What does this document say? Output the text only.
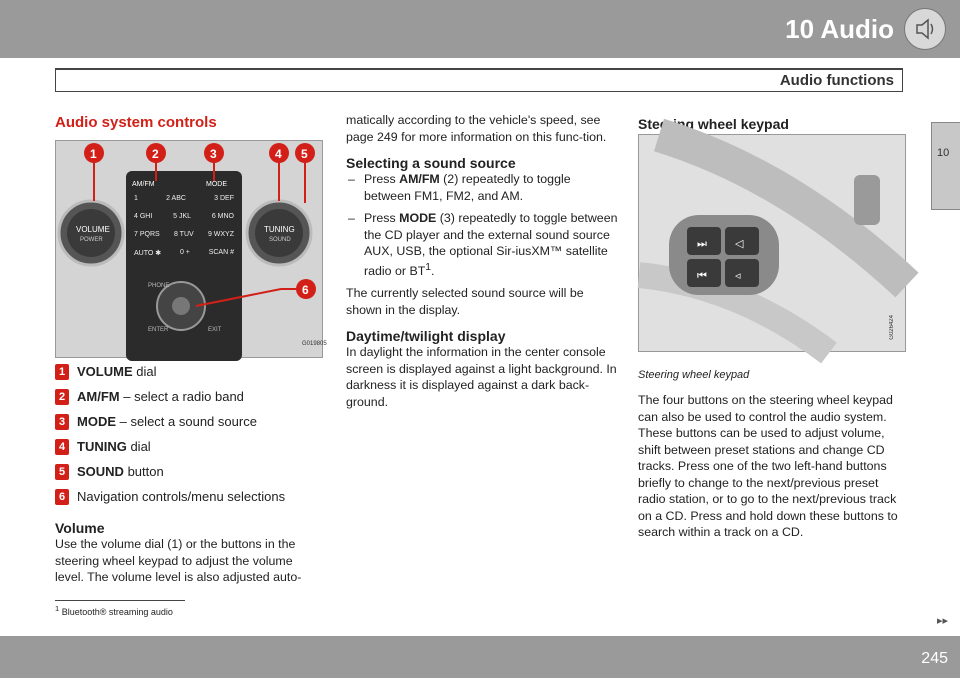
10 Audio
Audio functions
10
Audio system controls
1	2	3	4 5
6
VOLUME
POWER
TUNING
SOUND
AM/FM	MODE
1	2 ABC	3 DEF
4 GHI	5 JKL	6 MNO
7 PQRS 8 TUV 9 WXYZ
AUTO ✱	0 +	SCAN #
PHONE
ENTER	EXIT
G019805
1 VOLUME dial
2 AM/FM – select a radio band
3 MODE – select a sound source
4 TUNING dial
5 SOUND button
6 Navigation controls/menu selections

Volume

Use the volume dial (1) or the buttons in the steering wheel keypad to adjust the volume level. The volume level is also adjusted auto-

$^1$ Bluetooth® streaming audio

matically according to the vehicle's speed, see page 249 for more information on this func-tion.

Selecting a sound source

– Press AM/FM (2) repeatedly to toggle between FM1, FM2, and AM.

– Press MODE (3) repeatedly to toggle between the CD player and the external sound source AUX, USB, the optional Sir-iusXM™ satellite radio or $BT^1$.

The currently selected sound source will be shown in the display.

Daytime/twilight display

In daylight the information in the center console screen is displayed against a light background. In darkness it is displayed against a dark back-ground.

Steering wheel keypad

⏭	◁
⏮	◃
G026424

Steering wheel keypad

The four buttons on the steering wheel keypad can also be used to control the audio system. These buttons can be used to adjust volume, shift between preset stations and change CD tracks. Press one of the two left-hand buttons briefly to change to the next/previous preset radio station, or to go to the next/previous track on a CD. Press and hold down these buttons to search within a track on a CD.

▸▸
245
